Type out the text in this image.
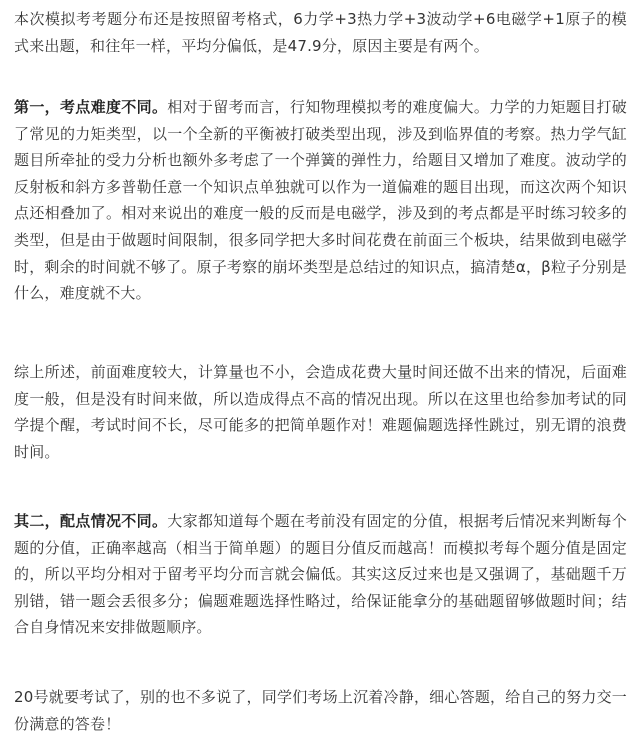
本次模拟考考题分布还是按照留考格式，6力学+3热力学+3波动学+6电磁学+1原子的模式来出题，和往年一样，平均分偏低，是47.9分，原因主要是有两个。

第一，考点难度不同。相对于留考而言，行知物理模拟考的难度偏大。力学的力矩题目打破了常见的力矩类型，以一个全新的平衡被打破类型出现，涉及到临界值的考察。热力学气缸题目所牵扯的受力分析也额外多考虑了一个弹簧的弹性力，给题目又增加了难度。波动学的反射板和斜方多普勒任意一个知识点单独就可以作为一道偏难的题目出现，而这次两个知识点还相叠加了。相对来说出的难度一般的反而是电磁学，涉及到的考点都是平时练习较多的类型，但是由于做题时间限制，很多同学把大多时间花费在前面三个板块，结果做到电磁学时，剩余的时间就不够了。原子考察的崩坏类型是总结过的知识点，搞清楚α，β粒子分别是什么，难度就不大。

综上所述，前面难度较大，计算量也不小，会造成花费大量时间还做不出来的情况，后面难度一般，但是没有时间来做，所以造成得点不高的情况出现。所以在这里也给参加考试的同学提个醒，考试时间不长，尽可能多的把简单题作对！难题偏题选择性跳过，别无谓的浪费时间。

其二，配点情况不同。大家都知道每个题在考前没有固定的分值，根据考后情况来判断每个题的分值，正确率越高（相当于简单题）的题目分值反而越高！而模拟考每个题分值是固定的，所以平均分相对于留考平均分而言就会偏低。其实这反过来也是又强调了，基础题千万别错，错一题会丢很多分；偏题难题选择性略过，给保证能拿分的基础题留够做题时间；结合自身情况来安排做题顺序。

20号就要考试了，别的也不多说了，同学们考场上沉着冷静，细心答题，给自己的努力交一份满意的答卷！
